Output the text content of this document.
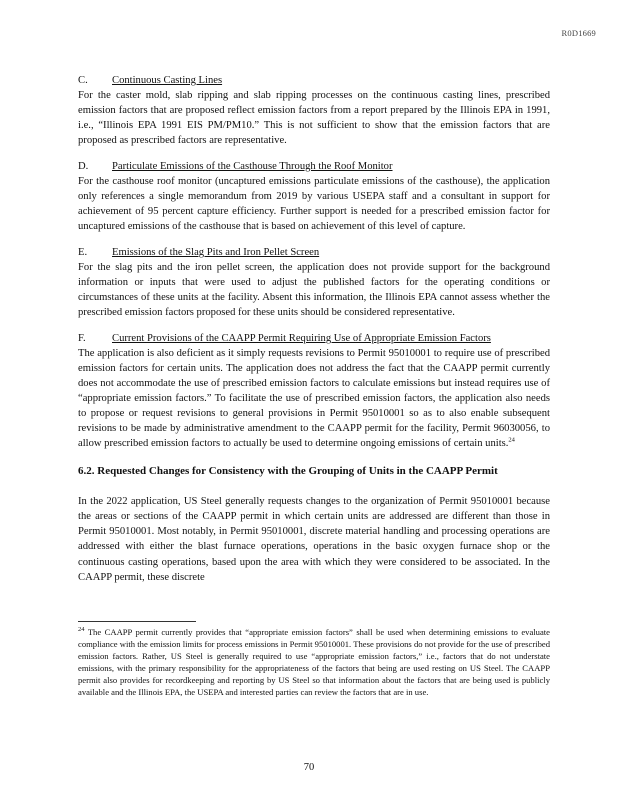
R0D1669
C.	Continuous Casting Lines

For the caster mold, slab ripping and slab ripping processes on the continuous casting lines, prescribed emission factors that are proposed reflect emission factors from a report prepared by the Illinois EPA in 1991, i.e., “Illinois EPA 1991 EIS PM/PM10.” This is not sufficient to show that the emission factors that are proposed as prescribed factors are representative.

D.	Particulate Emissions of the Casthouse Through the Roof Monitor

For the casthouse roof monitor (uncaptured emissions particulate emissions of the casthouse), the application only references a single memorandum from 2019 by various USEPA staff and a consultant in support for achievement of 95 percent capture efficiency. Further support is needed for a prescribed emission factor for uncaptured emissions of the casthouse that is based on achievement of this level of capture.

E.	Emissions of the Slag Pits and Iron Pellet Screen

For the slag pits and the iron pellet screen, the application does not provide support for the background information or inputs that were used to adjust the published factors for the operating conditions or circumstances of these units at the facility. Absent this information, the Illinois EPA cannot assess whether the prescribed emission factors proposed for these units should be considered representative.

F.	Current Provisions of the CAAPP Permit Requiring Use of Appropriate Emission Factors

The application is also deficient as it simply requests revisions to Permit 95010001 to require use of prescribed emission factors for certain units. The application does not address the fact that the CAAPP permit currently does not accommodate the use of prescribed emission factors to calculate emissions but instead requires use of “appropriate emission factors.” To facilitate the use of prescribed emission factors, the application also needs to propose or request revisions to general provisions in Permit 95010001 so as to also enable subsequent revisions to be made by administrative amendment to the CAAPP permit for the facility, Permit 96030056, to allow prescribed emission factors to actually be used to determine ongoing emissions of certain units.$^{24}$

6.2. Requested Changes for Consistency with the Grouping of Units in the CAAPP Permit

In the 2022 application, US Steel generally requests changes to the organization of Permit 95010001 because the areas or sections of the CAAPP permit in which certain units are addressed are different than those in Permit 95010001. Most notably, in Permit 95010001, discrete material handling and processing operations are addressed with either the blast furnace operations, operations in the basic oxygen furnace shop or the continuous casting operations, based upon the area with which they were considered to be associated. In the CAAPP permit, these discrete

$^{24}$ The CAAPP permit currently provides that “appropriate emission factors” shall be used when determining emissions to evaluate compliance with the emission limits for process emissions in Permit 95010001. These provisions do not provide for the use of prescribed emission factors. Rather, US Steel is generally required to use “appropriate emission factors,” i.e., factors that do not understate emissions, with the primary responsibility for the appropriateness of the factors that being are used resting on US Steel. The CAAPP permit also provides for recordkeeping and reporting by US Steel so that information about the factors that are being used is publicly available and the Illinois EPA, the USEPA and interested parties can review the factors that are in use.
70
